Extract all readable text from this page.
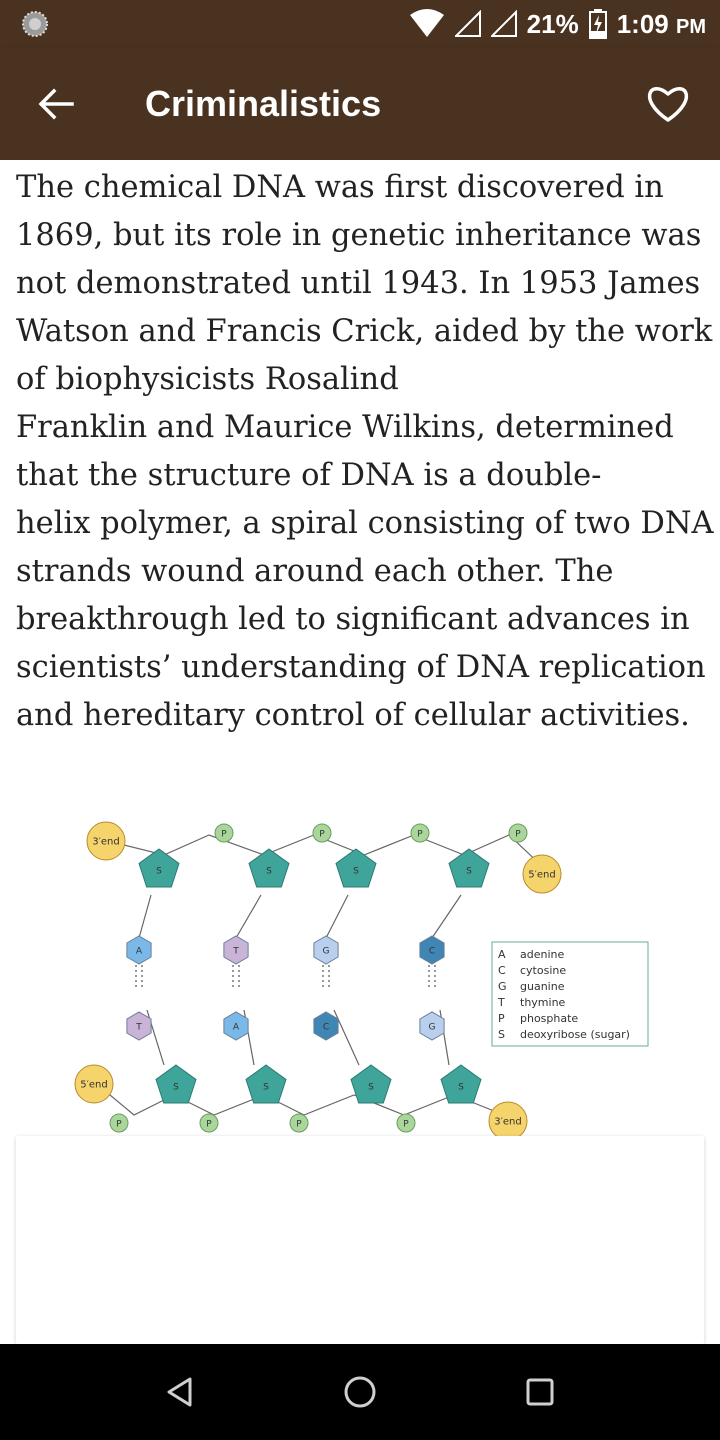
21% 1:09 PM
Criminalistics
The chemical DNA was first discovered in
1869, but its role in genetic inheritance was
not demonstrated until 1943. In 1953 James
Watson and Francis Crick, aided by the work
of biophysicists Rosalind
Franklin and Maurice Wilkins, determined
that the structure of DNA is a double-
helix polymer, a spiral consisting of two DNA
strands wound around each other. The
breakthrough led to significant advances in
scientists’ understanding of DNA replication
and hereditary control of cellular activities.
3′end
5′end
5′end
3′end
P	P	P	P
P	P	P	P
S	S	S	S
S	S	S	S
A	T	G	C
T	A	C	G
A adenine
C cytosine
G guanine
T thymine
P phosphate
S deoxyribose (sugar)
